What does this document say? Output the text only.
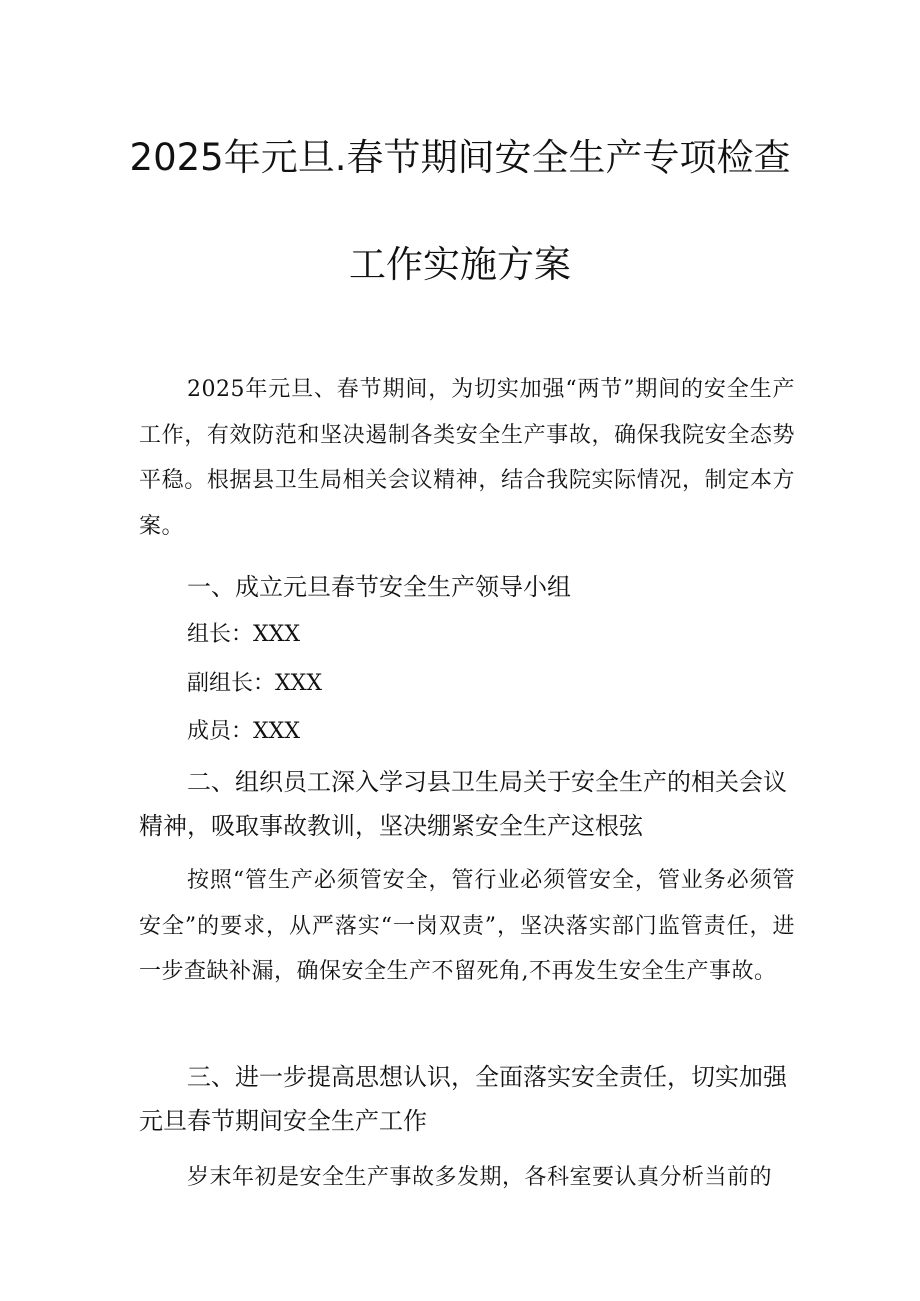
2025年元旦.春节期间安全生产专项检查
工作实施方案
2025年元旦、春节期间，为切实加强“两节”期间的安全生产工作，有效防范和坚决遏制各类安全生产事故，确保我院安全态势平稳。根据县卫生局相关会议精神，结合我院实际情况，制定本方案。
一、成立元旦春节安全生产领导小组
组长：XXX
副组长：XXX
成员：XXX
二、组织员工深入学习县卫生局关于安全生产的相关会议精神，吸取事故教训，坚决绷紧安全生产这根弦
按照“管生产必须管安全，管行业必须管安全，管业务必须管安全”的要求，从严落实“一岗双责”，坚决落实部门监管责任，进一步查缺补漏，确保安全生产不留死角,不再发生安全生产事故。
三、进一步提高思想认识，全面落实安全责任，切实加强元旦春节期间安全生产工作
岁末年初是安全生产事故多发期，各科室要认真分析当前的
